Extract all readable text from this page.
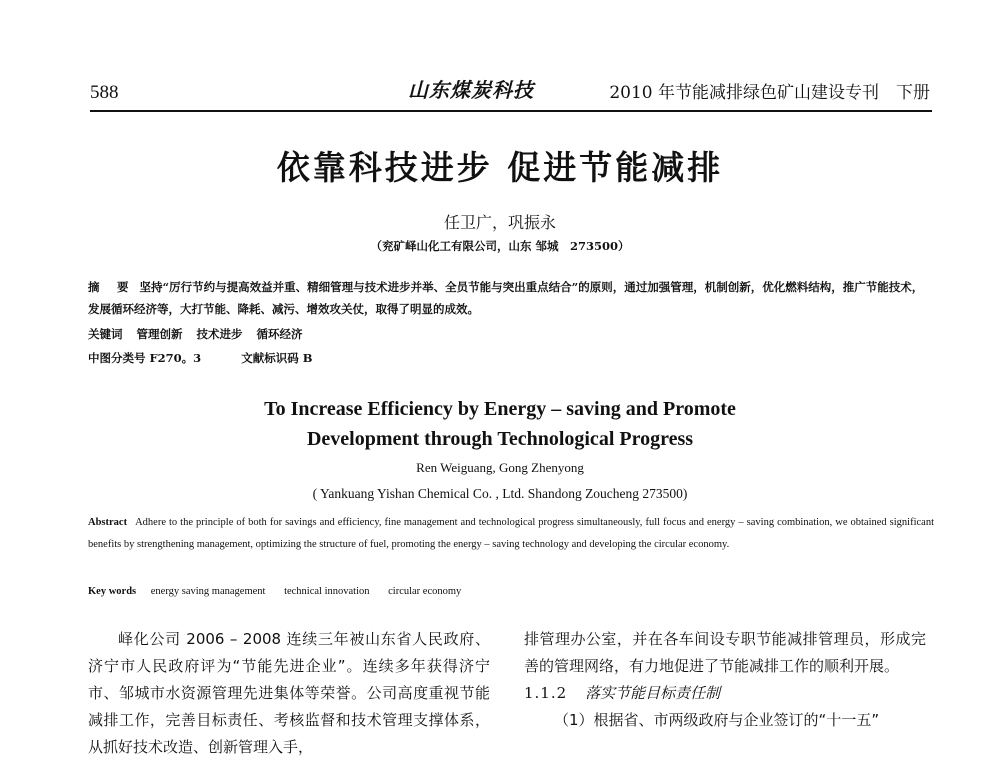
588	山东煤炭科技	2010 年节能减排绿色矿山建设专刊　下册
依靠科技进步 促进节能减排
任卫广，巩振永
（兖矿峄山化工有限公司，山东 邹城　273500）
摘　要 坚持“厉行节约与提高效益并重、精细管理与技术进步并举、全员节能与突出重点结合”的原则，通过加强管理，机制创新，优化燃料结构，推广节能技术，发展循环经济等，大打节能、降耗、减污、增效攻关仗，取得了明显的成效。
关键词 管理创新 技术进步 循环经济
中图分类号 F270。3	文献标识码 B
To Increase Efficiency by Energy – saving and Promote
Development through Technological Progress
Ren Weiguang, Gong Zhenyong
( Yankuang Yishan Chemical Co. , Ltd. Shandong Zoucheng 273500)
Abstract Adhere to the principle of both for savings and efficiency, fine management and technological progress simultaneously, full focus and energy – saving combination, we obtained significant benefits by strengthening management, optimizing the structure of fuel, promoting the energy – saving technology and developing the circular economy.
Key words energy saving management technical innovation circular economy

峄化公司 2006 – 2008 连续三年被山东省人民政府、济宁市人民政府评为“节能先进企业”。连续多年获得济宁市、邹城市水资源管理先进集体等荣誉。公司高度重视节能减排工作，完善目标责任、考核监督和技术管理支撑体系，从抓好技术改造、创新管理入手，

排管理办公室，并在各车间设专职节能减排管理员，形成完善的管理网络，有力地促进了节能减排工作的顺利开展。

1.1.2 落实节能目标责任制

（1）根据省、市两级政府与企业签订的“十一五”
